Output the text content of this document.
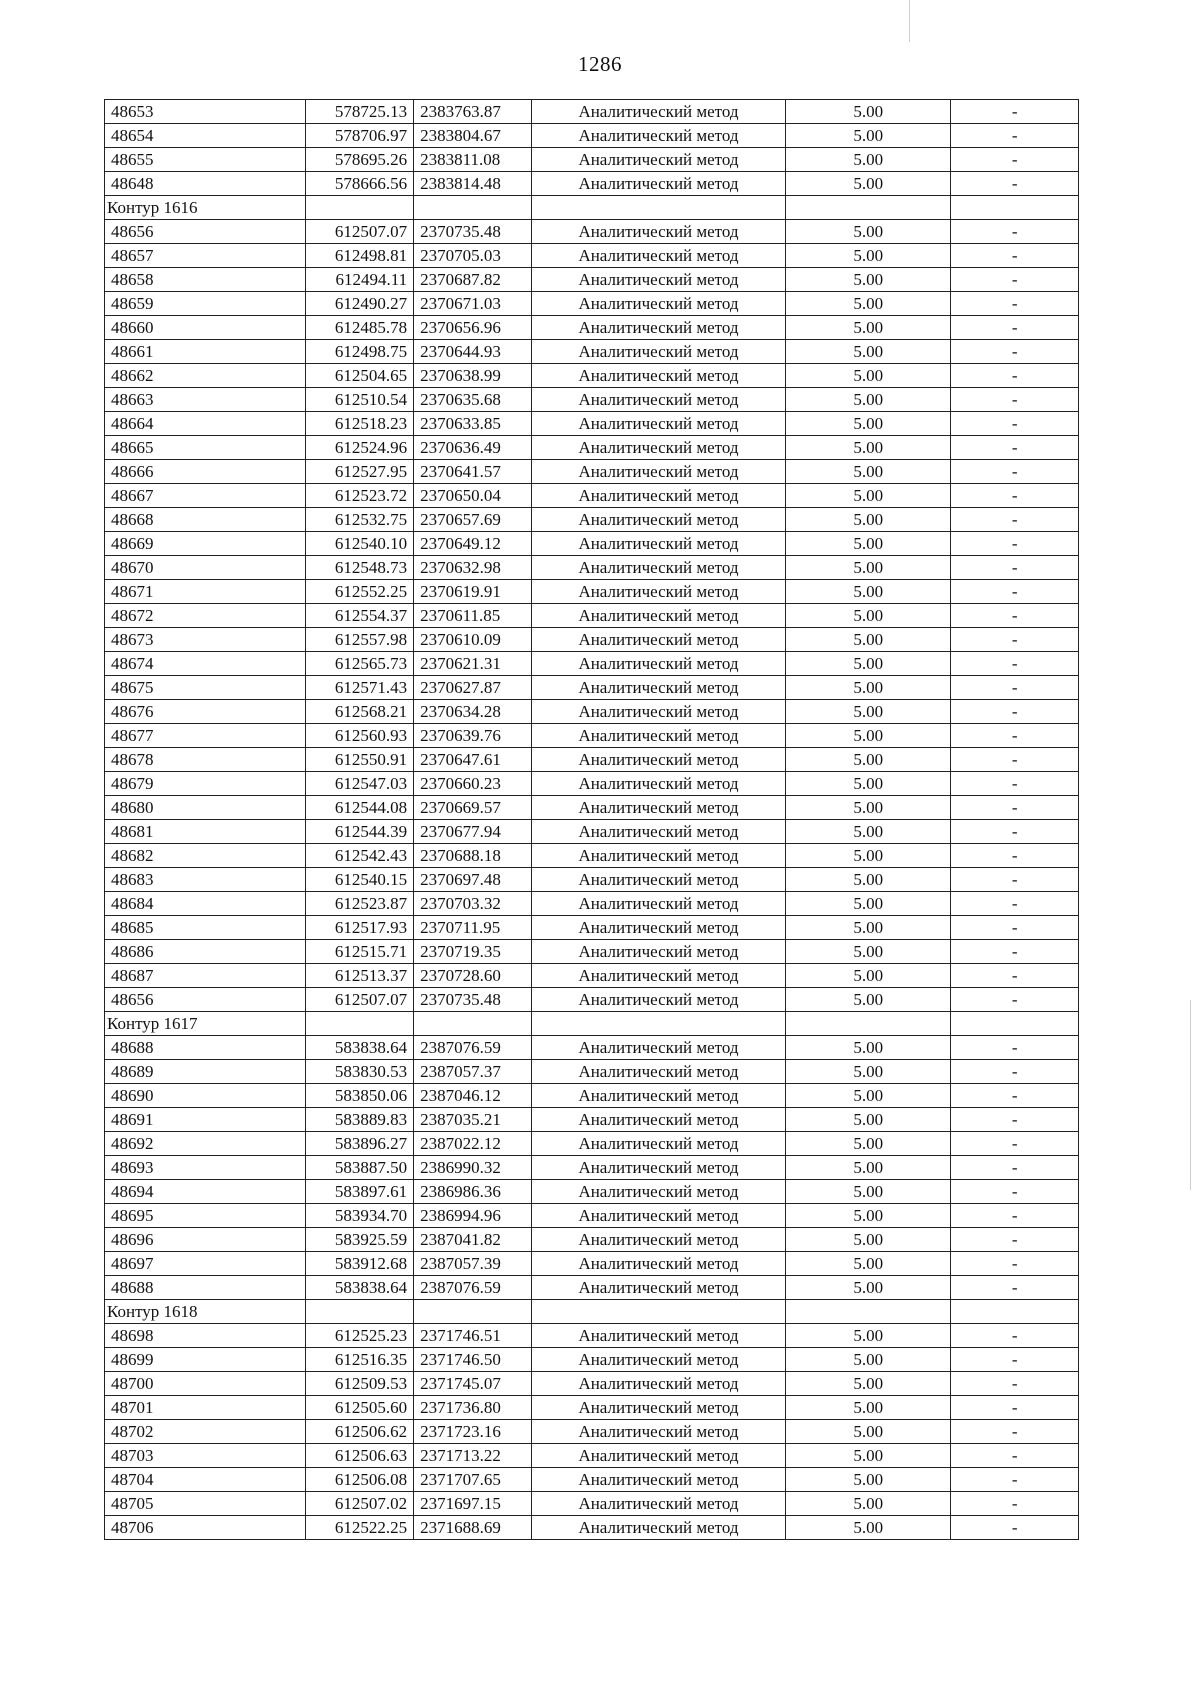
1286
48653	578725.13	2383763.87	Аналитический метод	5.00	-
48654	578706.97	2383804.67	Аналитический метод	5.00	-
48655	578695.26	2383811.08	Аналитический метод	5.00	-
48648	578666.56	2383814.48	Аналитический метод	5.00	-
Контур 1616					
48656	612507.07	2370735.48	Аналитический метод	5.00	-
48657	612498.81	2370705.03	Аналитический метод	5.00	-
48658	612494.11	2370687.82	Аналитический метод	5.00	-
48659	612490.27	2370671.03	Аналитический метод	5.00	-
48660	612485.78	2370656.96	Аналитический метод	5.00	-
48661	612498.75	2370644.93	Аналитический метод	5.00	-
48662	612504.65	2370638.99	Аналитический метод	5.00	-
48663	612510.54	2370635.68	Аналитический метод	5.00	-
48664	612518.23	2370633.85	Аналитический метод	5.00	-
48665	612524.96	2370636.49	Аналитический метод	5.00	-
48666	612527.95	2370641.57	Аналитический метод	5.00	-
48667	612523.72	2370650.04	Аналитический метод	5.00	-
48668	612532.75	2370657.69	Аналитический метод	5.00	-
48669	612540.10	2370649.12	Аналитический метод	5.00	-
48670	612548.73	2370632.98	Аналитический метод	5.00	-
48671	612552.25	2370619.91	Аналитический метод	5.00	-
48672	612554.37	2370611.85	Аналитический метод	5.00	-
48673	612557.98	2370610.09	Аналитический метод	5.00	-
48674	612565.73	2370621.31	Аналитический метод	5.00	-
48675	612571.43	2370627.87	Аналитический метод	5.00	-
48676	612568.21	2370634.28	Аналитический метод	5.00	-
48677	612560.93	2370639.76	Аналитический метод	5.00	-
48678	612550.91	2370647.61	Аналитический метод	5.00	-
48679	612547.03	2370660.23	Аналитический метод	5.00	-
48680	612544.08	2370669.57	Аналитический метод	5.00	-
48681	612544.39	2370677.94	Аналитический метод	5.00	-
48682	612542.43	2370688.18	Аналитический метод	5.00	-
48683	612540.15	2370697.48	Аналитический метод	5.00	-
48684	612523.87	2370703.32	Аналитический метод	5.00	-
48685	612517.93	2370711.95	Аналитический метод	5.00	-
48686	612515.71	2370719.35	Аналитический метод	5.00	-
48687	612513.37	2370728.60	Аналитический метод	5.00	-
48656	612507.07	2370735.48	Аналитический метод	5.00	-
Контур 1617					
48688	583838.64	2387076.59	Аналитический метод	5.00	-
48689	583830.53	2387057.37	Аналитический метод	5.00	-
48690	583850.06	2387046.12	Аналитический метод	5.00	-
48691	583889.83	2387035.21	Аналитический метод	5.00	-
48692	583896.27	2387022.12	Аналитический метод	5.00	-
48693	583887.50	2386990.32	Аналитический метод	5.00	-
48694	583897.61	2386986.36	Аналитический метод	5.00	-
48695	583934.70	2386994.96	Аналитический метод	5.00	-
48696	583925.59	2387041.82	Аналитический метод	5.00	-
48697	583912.68	2387057.39	Аналитический метод	5.00	-
48688	583838.64	2387076.59	Аналитический метод	5.00	-
Контур 1618					
48698	612525.23	2371746.51	Аналитический метод	5.00	-
48699	612516.35	2371746.50	Аналитический метод	5.00	-
48700	612509.53	2371745.07	Аналитический метод	5.00	-
48701	612505.60	2371736.80	Аналитический метод	5.00	-
48702	612506.62	2371723.16	Аналитический метод	5.00	-
48703	612506.63	2371713.22	Аналитический метод	5.00	-
48704	612506.08	2371707.65	Аналитический метод	5.00	-
48705	612507.02	2371697.15	Аналитический метод	5.00	-
48706	612522.25	2371688.69	Аналитический метод	5.00	-
